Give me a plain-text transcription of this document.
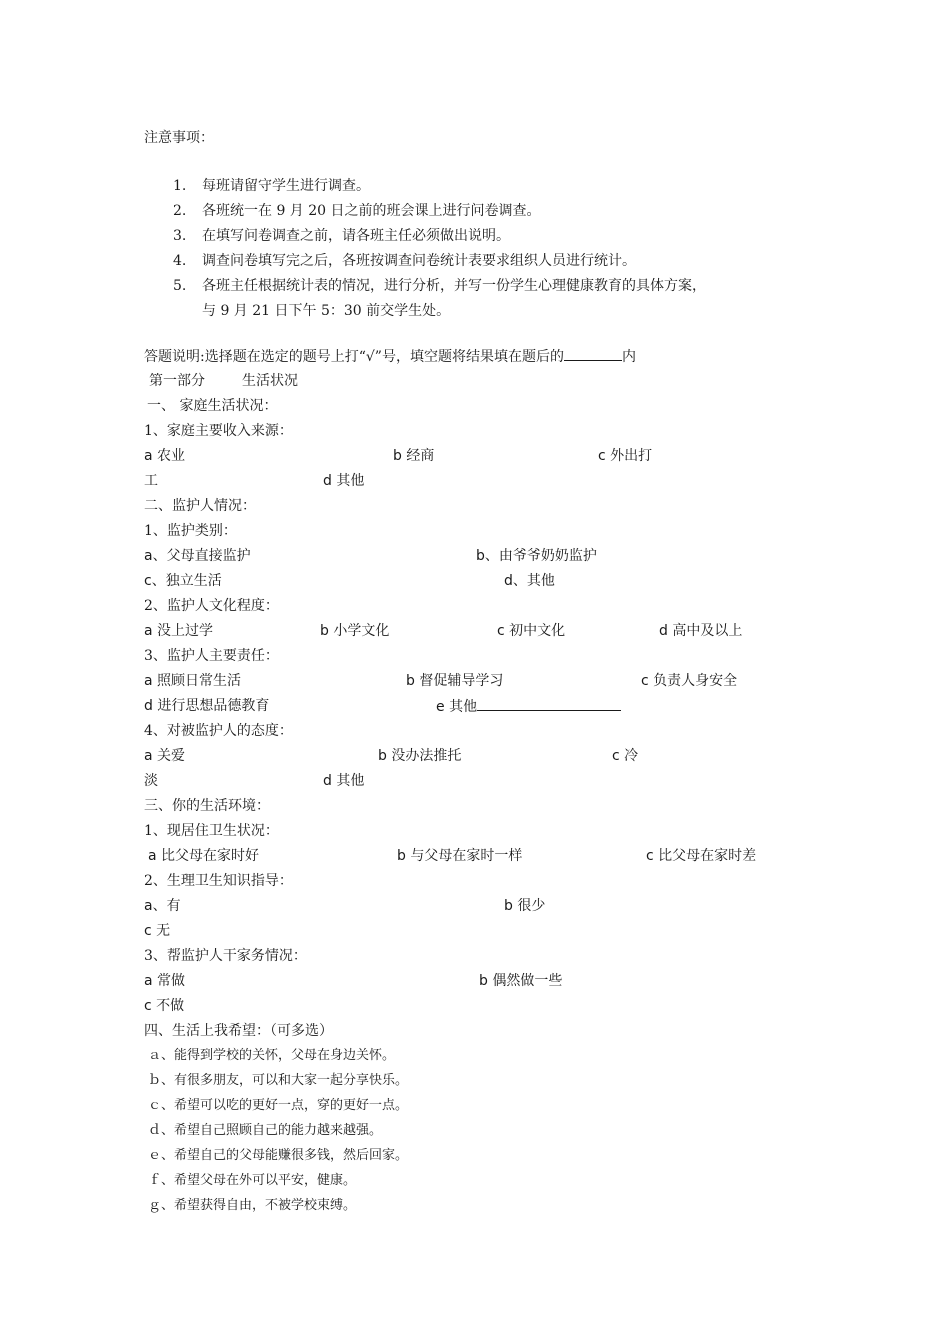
注意事项：
1. 每班请留守学生进行调查。
2. 各班统一在 9 月 20 日之前的班会课上进行问卷调查。
3. 在填写问卷调查之前，请各班主任必须做出说明。
4. 调查问卷填写完之后，各班按调查问卷统计表要求组织人员进行统计。
5. 各班主任根据统计表的情况，进行分析，并写一份学生心理健康教育的具体方案，
与 9 月 21 日下午 5：30 前交学生处。
答题说明:选择题在选定的题号上打“√”号，填空题将结果填在题后的	内
第一部分	生活状况
一、 家庭生活状况：
1、家庭主要收入来源：
a 农业	b 经商	c 外出打
工	d 其他
二、监护人情况：
1、监护类别：
a、父母直接监护	b、由爷爷奶奶监护
c、独立生活	d、其他
2、监护人文化程度：
a 没上过学	b 小学文化	c 初中文化	d 高中及以上
3、监护人主要责任：
a 照顾日常生活	b 督促辅导学习	c 负责人身安全
d 进行思想品德教育	e 其他
4、对被监护人的态度：
a 关爱	b 没办法推托	c 冷
淡	d 其他
三、你的生活环境：
1、现居住卫生状况：
a 比父母在家时好	b 与父母在家时一样	c 比父母在家时差
2、生理卫生知识指导：
a、有	b 很少
c 无
3、帮监护人干家务情况：
a 常做	b 偶然做一些
c 不做
四、生活上我希望：（可多选）
ａ、能得到学校的关怀，父母在身边关怀。
ｂ、有很多朋友，可以和大家一起分享快乐。
ｃ、希望可以吃的更好一点，穿的更好一点。
ｄ、希望自己照顾自己的能力越来越强。
ｅ、希望自己的父母能赚很多钱，然后回家。
ｆ、希望父母在外可以平安，健康。
ｇ、希望获得自由，不被学校束缚。
